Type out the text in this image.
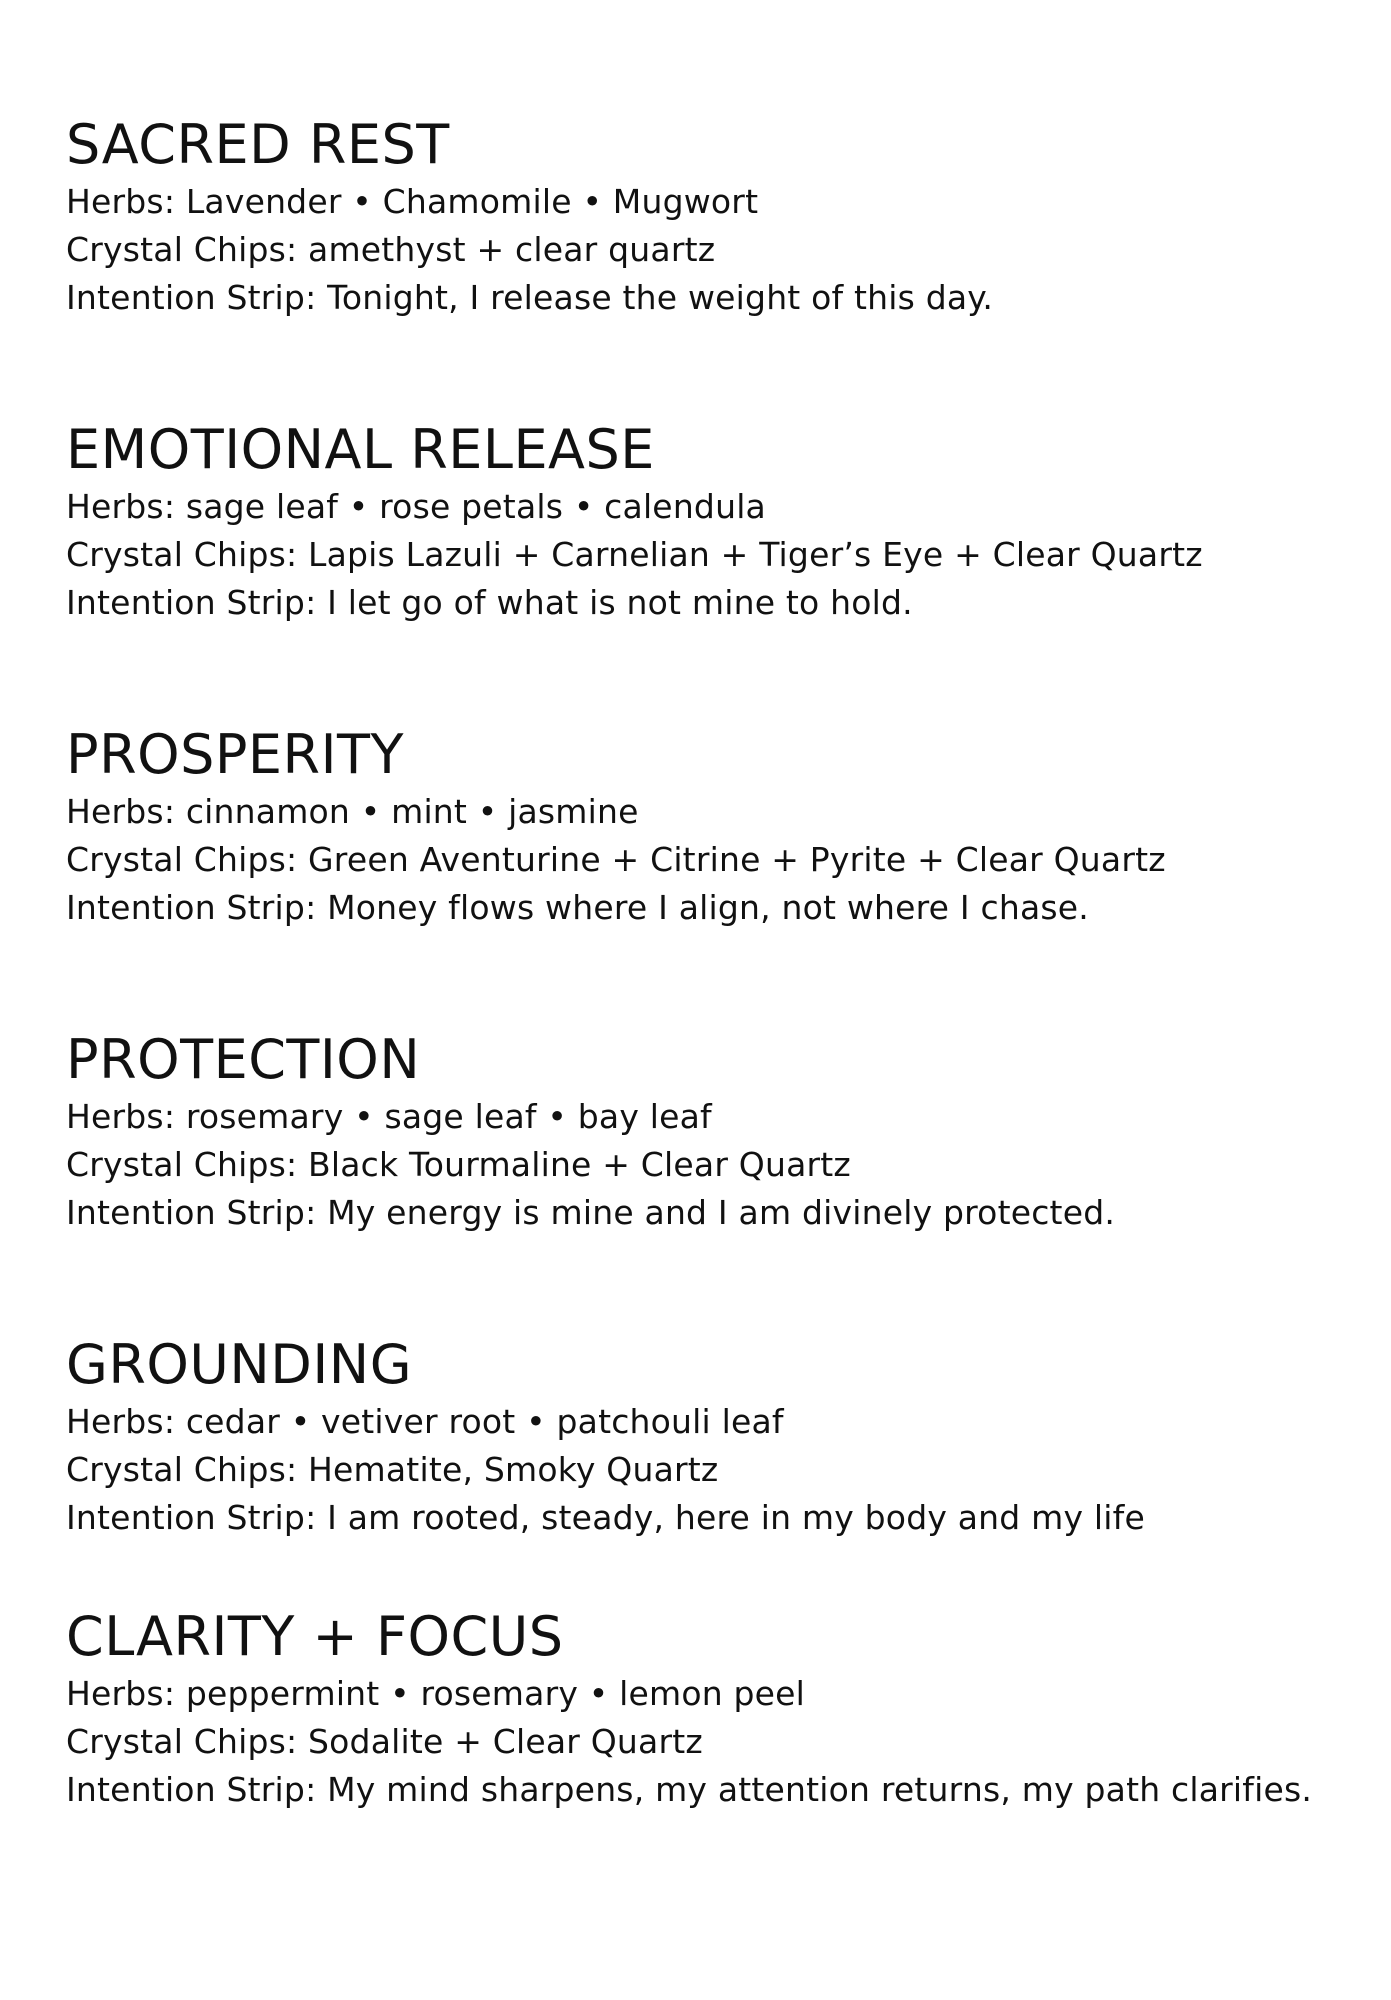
SACRED REST

Herbs: Lavender • Chamomile • Mugwort

Crystal Chips: amethyst + clear quartz

Intention Strip: Tonight, I release the weight of this day.

EMOTIONAL RELEASE

Herbs: sage leaf • rose petals • calendula

Crystal Chips: Lapis Lazuli + Carnelian + Tiger’s Eye + Clear Quartz

Intention Strip: I let go of what is not mine to hold.

PROSPERITY

Herbs: cinnamon • mint • jasmine

Crystal Chips: Green Aventurine + Citrine + Pyrite + Clear Quartz

Intention Strip: Money flows where I align, not where I chase.

PROTECTION

Herbs: rosemary • sage leaf • bay leaf

Crystal Chips: Black Tourmaline + Clear Quartz

Intention Strip: My energy is mine and I am divinely protected.

GROUNDING

Herbs: cedar • vetiver root • patchouli leaf

Crystal Chips: Hematite, Smoky Quartz

Intention Strip: I am rooted, steady, here in my body and my life

CLARITY + FOCUS

Herbs: peppermint • rosemary • lemon peel

Crystal Chips: Sodalite + Clear Quartz

Intention Strip: My mind sharpens, my attention returns, my path clarifies.
